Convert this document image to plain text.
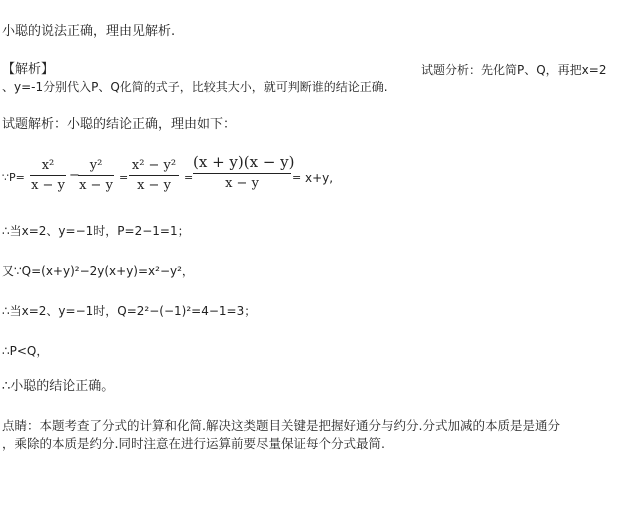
小聪的说法正确，理由见解析.
【解析】	试题分析：先化简P、Q，再把x=2
、y=-1分别代入P、Q化简的式子，比较其大小，就可判断谁的结论正确.
试题解析：小聪的结论正确，理由如下：
∵P=
x²
x − y
−
y²
x − y
=
x² − y²
x − y
=
(x + y)(x − y)
x − y	= x+y,
∴当x=2、y=−1时，P=2−1=1；
又∵Q=(x+y)²−2y(x+y)=x²−y²，
∴当x=2、y=−1时，Q=2²−(−1)²=4−1=3；
∴P<Q，
∴小聪的结论正确。
点睛：本题考查了分式的计算和化简.解决这类题目关键是把握好通分与约分.分式加减的本质是是通分
，乘除的本质是约分.同时注意在进行运算前要尽量保证每个分式最简.
